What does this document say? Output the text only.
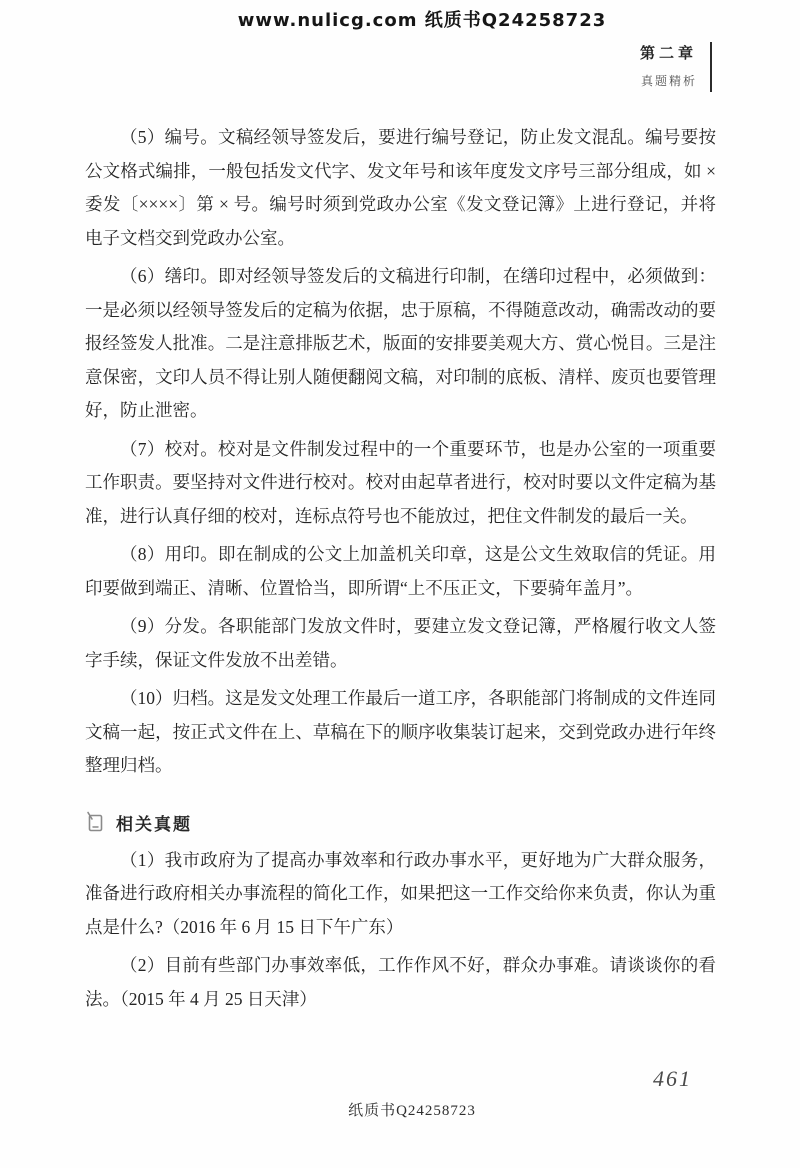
www.nulicg.com 纸质书Q24258723
第二章
真题精析

（5）编号。文稿经领导签发后，要进行编号登记，防止发文混乱。编号要按公文格式编排，一般包括发文代字、发文年号和该年度发文序号三部分组成，如 × 委发〔××××〕第 × 号。编号时须到党政办公室《发文登记簿》上进行登记，并将电子文档交到党政办公室。

（6）缮印。即对经领导签发后的文稿进行印制，在缮印过程中，必须做到：一是必须以经领导签发后的定稿为依据，忠于原稿，不得随意改动，确需改动的要报经签发人批准。二是注意排版艺术，版面的安排要美观大方、赏心悦目。三是注意保密，文印人员不得让别人随便翻阅文稿，对印制的底板、清样、废页也要管理好，防止泄密。

（7）校对。校对是文件制发过程中的一个重要环节，也是办公室的一项重要工作职责。要坚持对文件进行校对。校对由起草者进行，校对时要以文件定稿为基准，进行认真仔细的校对，连标点符号也不能放过，把住文件制发的最后一关。

（8）用印。即在制成的公文上加盖机关印章，这是公文生效取信的凭证。用印要做到端正、清晰、位置恰当，即所谓“上不压正文，下要骑年盖月”。

（9）分发。各职能部门发放文件时，要建立发文登记簿，严格履行收文人签字手续，保证文件发放不出差错。

（10）归档。这是发文处理工作最后一道工序，各职能部门将制成的文件连同文稿一起，按正式文件在上、草稿在下的顺序收集装订起来，交到党政办进行年终整理归档。

相关真题

（1）我市政府为了提高办事效率和行政办事水平，更好地为广大群众服务，准备进行政府相关办事流程的简化工作，如果把这一工作交给你来负责，你认为重点是什么?（2016 年 6 月 15 日下午广东）

（2）目前有些部门办事效率低，工作作风不好，群众办事难。请谈谈你的看法。（2015 年 4 月 25 日天津）

461
纸质书Q24258723
